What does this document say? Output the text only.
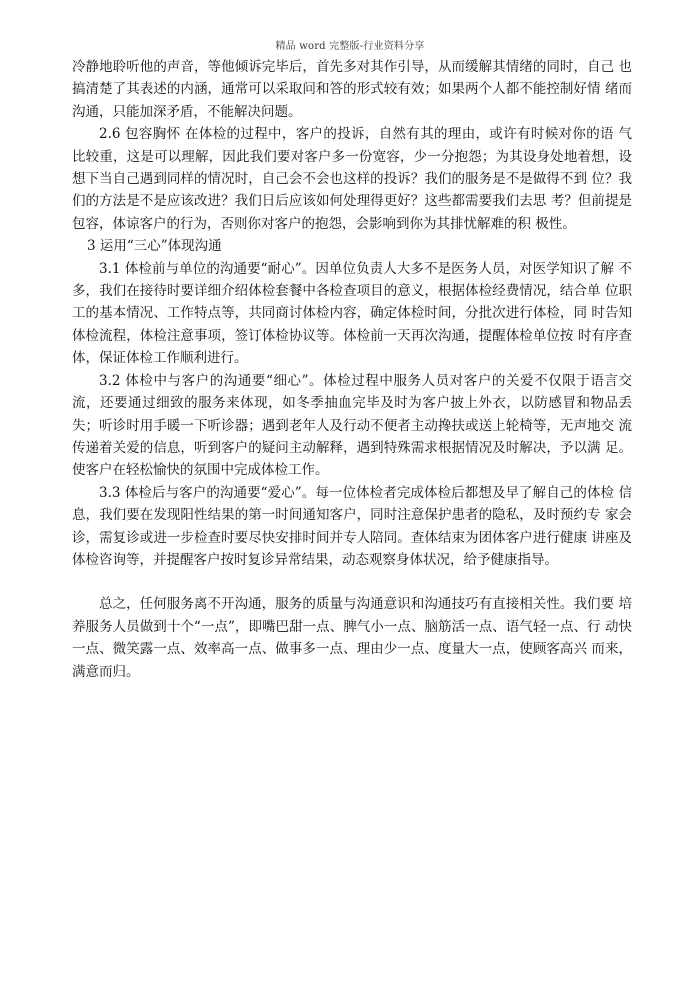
精品 word 完整版-行业资料分享

冷静地聆听他的声音，等他倾诉完毕后，首先多对其作引导，从而缓解其情绪的同时，自己 也搞清楚了其表述的内涵，通常可以采取问和答的形式较有效；如果两个人都不能控制好情 绪而沟通，只能加深矛盾，不能解决问题。

2.6 包容胸怀 在体检的过程中，客户的投诉，自然有其的理由，或许有时候对你的语 气比较重，这是可以理解，因此我们要对客户多一份宽容，少一分抱怨；为其设身处地着想，设想下当自己遇到同样的情况时，自己会不会也这样的投诉？我们的服务是不是做得不到 位？我们的方法是不是应该改进？我们日后应该如何处理得更好？这些都需要我们去思 考？但前提是包容，体谅客户的行为，否则你对客户的抱怨，会影响到你为其排忧解难的积 极性。

3 运用“三心”体现沟通

3.1 体检前与单位的沟通要“耐心”。因单位负责人大多不是医务人员，对医学知识了解 不多，我们在接待时要详细介绍体检套餐中各检查项目的意义，根据体检经费情况，结合单 位职工的基本情况、工作特点等，共同商讨体检内容，确定体检时间，分批次进行体检，同 时告知体检流程，体检注意事项，签订体检协议等。体检前一天再次沟通，提醒体检单位按 时有序查体，保证体检工作顺利进行。

3.2 体检中与客户的沟通要“细心”。体检过程中服务人员对客户的关爱不仅限于语言交 流，还要通过细致的服务来体现，如冬季抽血完毕及时为客户披上外衣，以防感冒和物品丢 失；听诊时用手暖一下听诊器；遇到老年人及行动不便者主动搀扶或送上轮椅等，无声地交 流传递着关爱的信息，听到客户的疑问主动解释，遇到特殊需求根据情况及时解决，予以满 足。使客户在轻松愉快的氛围中完成体检工作。

3.3 体检后与客户的沟通要“爱心”。每一位体检者完成体检后都想及早了解自己的体检 信息，我们要在发现阳性结果的第一时间通知客户，同时注意保护患者的隐私，及时预约专 家会诊，需复诊或进一步检查时要尽快安排时间并专人陪同。查体结束为团体客户进行健康 讲座及体检咨询等，并提醒客户按时复诊异常结果，动态观察身体状况，给予健康指导。

总之，任何服务离不开沟通，服务的质量与沟通意识和沟通技巧有直接相关性。我们要 培养服务人员做到十个“一点”，即嘴巴甜一点、脾气小一点、脑筋活一点、语气轻一点、行 动快一点、微笑露一点、效率高一点、做事多一点、理由少一点、度量大一点，使顾客高兴 而来，满意而归。
